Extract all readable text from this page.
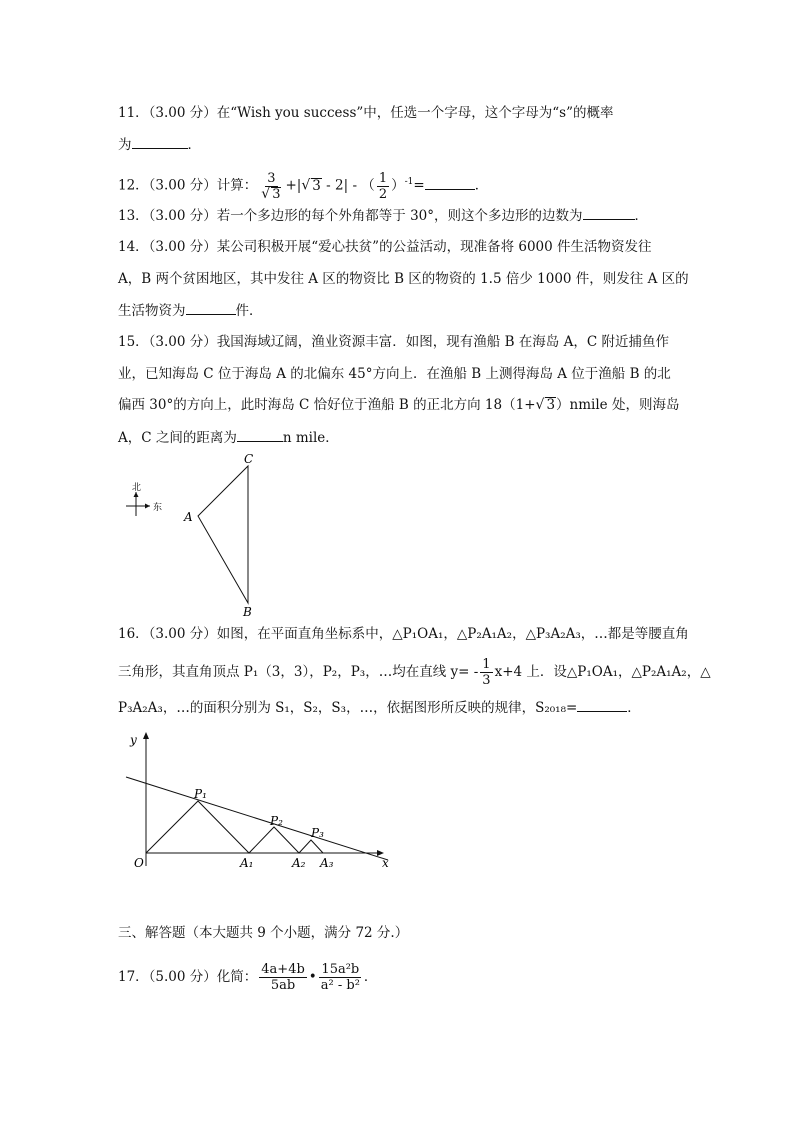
11．（3.00 分）在“Wish you success”中，任选一个字母，这个字母为“s”的概率
为	．
12．（3.00 分）计算： $\frac{3}{√ 3}$ +|√ 3 - 2| - （ $\frac{1}{2} )^{-1}=$	．
13．（3.00 分）若一个多边形的每个外角都等于 30°，则这个多边形的边数为	．
14．（3.00 分）某公司积极开展“爱心扶贫”的公益活动，现准备将 6000 件生活物资发往
A，B 两个贫困地区，其中发往 A 区的物资比 B 区的物资的 1.5 倍少 1000 件，则发往 A 区的
生活物资为	件．
15．（3.00 分）我国海域辽阔，渔业资源丰富．如图，现有渔船 B 在海岛 A，C 附近捕鱼作
业，已知海岛 C 位于海岛 A 的北偏东 45°方向上．在渔船 B 上测得海岛 A 位于渔船 B 的北
偏西 30°的方向上，此时海岛 C 恰好位于渔船 B 的正北方向 18（1+√ 3）nmile 处，则海岛
A，C 之间的距离为	n mile．
北
东
C
A
B
16．（3.00 分）如图，在平面直角坐标系中，△P₁OA₁，△P₂A₁A₂，△P₃A₂A₃，…都是等腰直角
三角形，其直角顶点 P₁（3，3），P₂，P₃，…均在直线 $y= - \frac{1}{3} x+4$ 上．设△P₁OA₁，△P₂A₁A₂，△
P₃A₂A₃，…的面积分别为 S₁，S₂，S₃，…，依据图形所反映的规律，S₂₀₁₈=	．
y
x
O
P₁
P₂
P₃
A₁	A₂ A₃
三、解答题（本大题共 9 个小题，满分 72 分.）
17．（5.00 分）化简： $\frac{4a+4b}{5ab}$ • $\frac{\text{15a²b}}{\text{a² - b²}}$ ．
